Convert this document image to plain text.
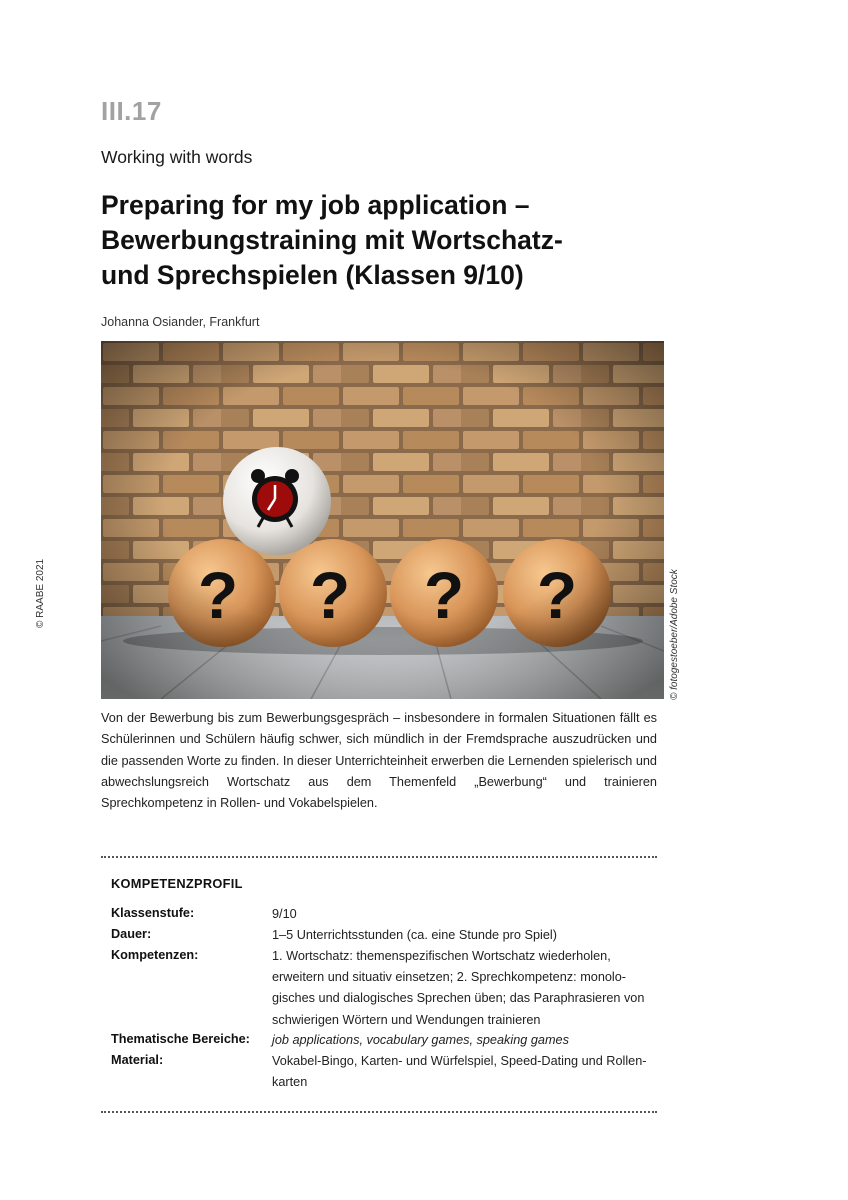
III.17
Working with words
Preparing for my job application –
Bewerbungstraining mit Wortschatz-
und Sprechspielen (Klassen 9/10)
Johanna Osiander, Frankfurt
© fotogestoeber/Adobe Stock
© RAABE 2021
Von der Bewerbung bis zum Bewerbungsgespräch – insbesondere in formalen Situationen fällt es Schülerinnen und Schülern häufig schwer, sich mündlich in der Fremdsprache auszudrücken und die passenden Worte zu finden. In dieser Unterrichteinheit erwerben die Lernenden spielerisch und abwechslungsreich Wortschatz aus dem Themenfeld „Bewerbung“ und trainieren Sprechkompetenz in Rollen- und Vokabelspielen.
KOMPETENZPROFIL
Klassenstufe:	9/10
Dauer:	1–5 Unterrichtsstunden (ca. eine Stunde pro Spiel)
Kompetenzen:	1. Wortschatz: themenspezifischen Wortschatz wiederholen,
erweitern und situativ einsetzen; 2. Sprechkompetenz: monolo-
gisches und dialogisches Sprechen üben; das Paraphrasieren von
schwierigen Wörtern und Wendungen trainieren
Thematische Bereiche: job applications, vocabulary games, speaking games
Material:	Vokabel-Bingo, Karten- und Würfelspiel, Speed-Dating und Rollen-
karten
